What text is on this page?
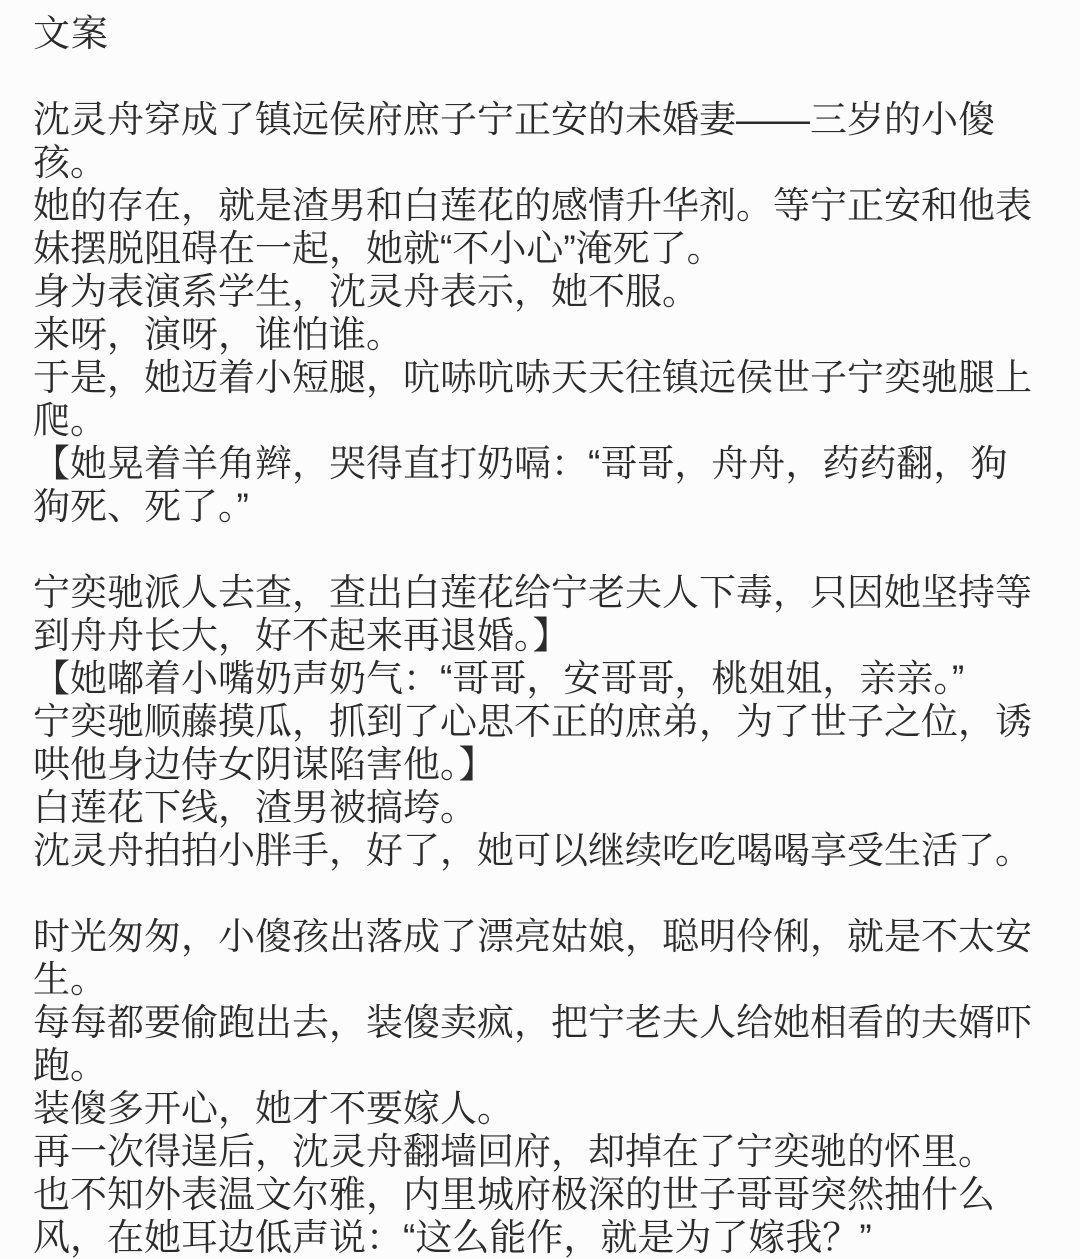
文案
沈灵舟穿成了镇远侯府庶子宁正安的未婚妻——三岁的小傻
孩。
她的存在，就是渣男和白莲花的感情升华剂。等宁正安和他表
妹摆脱阻碍在一起，她就“不小心”淹死了。
身为表演系学生，沈灵舟表示，她不服。
来呀，演呀，谁怕谁。
于是，她迈着小短腿，吭哧吭哧天天往镇远侯世子宁奕驰腿上
爬。
【她晃着羊角辫，哭得直打奶嗝：“哥哥，舟舟，药药翻，狗
狗死、死了。”
宁奕驰派人去查，查出白莲花给宁老夫人下毒，只因她坚持等
到舟舟长大，好不起来再退婚。】
【她嘟着小嘴奶声奶气：“哥哥，安哥哥，桃姐姐，亲亲。”
宁奕驰顺藤摸瓜，抓到了心思不正的庶弟，为了世子之位，诱
哄他身边侍女阴谋陷害他。】
白莲花下线，渣男被搞垮。
沈灵舟拍拍小胖手，好了，她可以继续吃吃喝喝享受生活了。
时光匆匆，小傻孩出落成了漂亮姑娘，聪明伶俐，就是不太安
生。
每每都要偷跑出去，装傻卖疯，把宁老夫人给她相看的夫婿吓
跑。
装傻多开心，她才不要嫁人。
再一次得逞后，沈灵舟翻墙回府，却掉在了宁奕驰的怀里。
也不知外表温文尔雅，内里城府极深的世子哥哥突然抽什么
风，在她耳边低声说：“这么能作，就是为了嫁我？”
